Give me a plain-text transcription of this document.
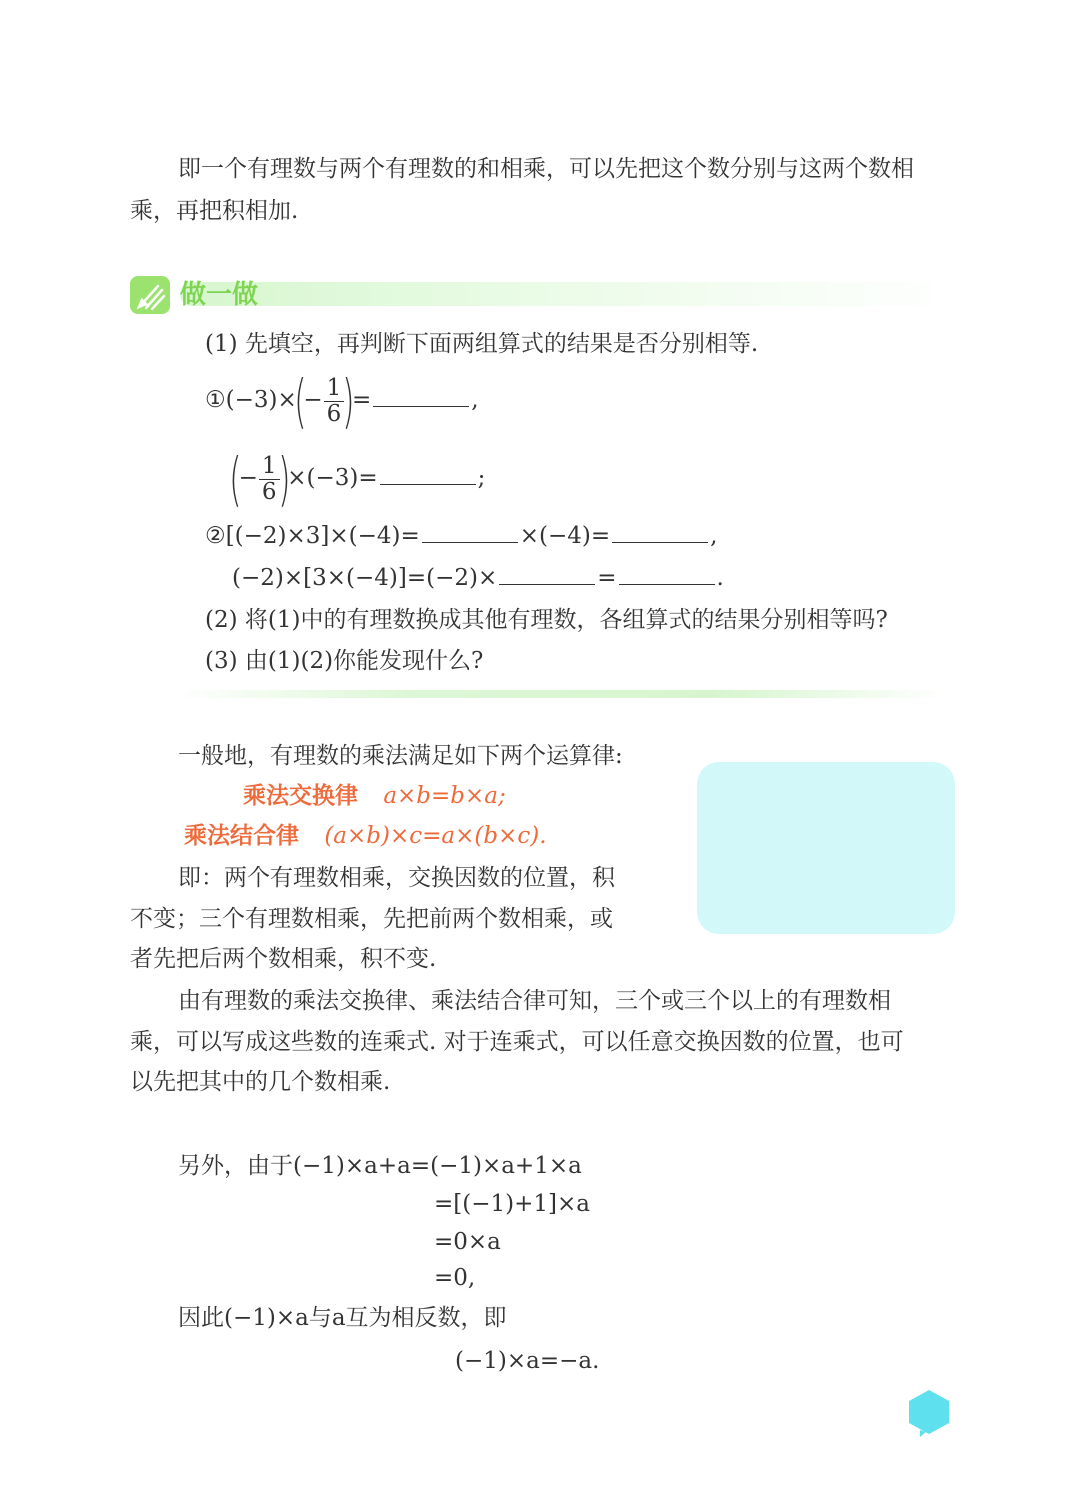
即一个有理数与两个有理数的和相乘，可以先把这个数分别与这两个数相
乘，再把积相加.
做一做
(1) 先填空，再判断下面两组算式的结果是否分别相等.
①(−3)×(− $\frac{1}{6}$
)=	,
(− $\frac{1}{6}$
)×(−3)=	;
②[(−2)×3]×(−4)=	×(−4)=	,
(−2)×[3×(−4)]=(−2)×	=	.
(2) 将(1)中的有理数换成其他有理数，各组算式的结果分别相等吗?
(3) 由(1)(2)你能发现什么?
一般地，有理数的乘法满足如下两个运算律:
乘法交换律 a×b=b×a;
乘法结合律 (a×b)×c=a×(b×c).
即：两个有理数相乘，交换因数的位置，积
不变；三个有理数相乘，先把前两个数相乘，或
者先把后两个数相乘，积不变.
由有理数的乘法交换律、乘法结合律可知，三个或三个以上的有理数相
乘，可以写成这些数的连乘式. 对于连乘式，可以任意交换因数的位置，也可
以先把其中的几个数相乘.
另外，由于(−1)×a+a=(−1)×a+1×a
=[(−1)+1]×a
=0×a
=0,
因此(−1)×a与a互为相反数，即
(−1)×a=−a.
